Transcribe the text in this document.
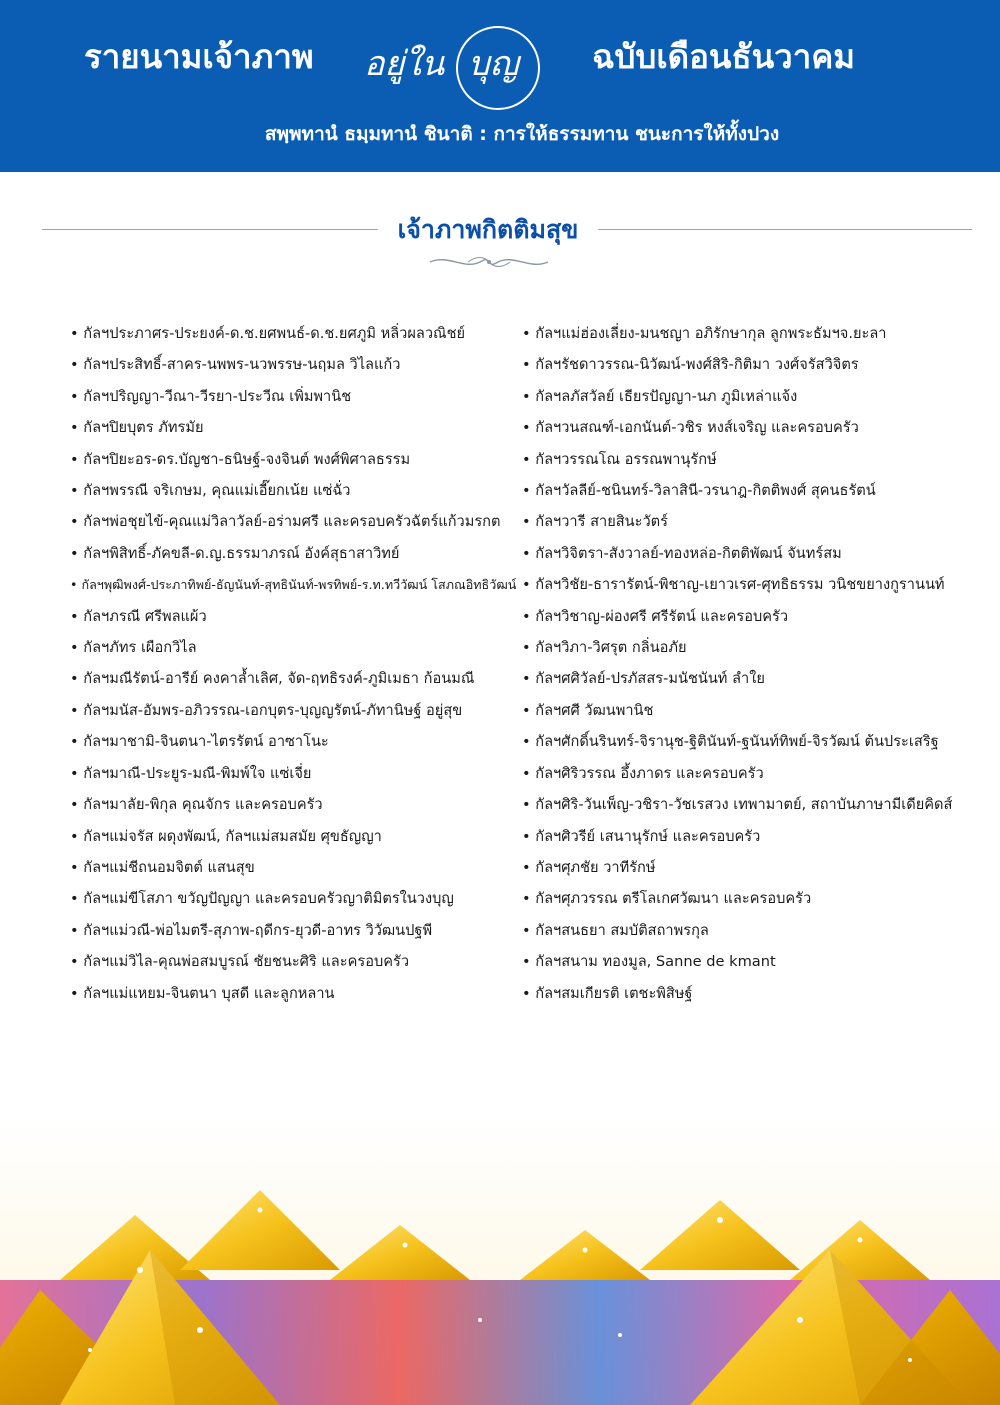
รายนามเจ้าภาพ อยู่ใน บุญ ฉบับเดือนธันวาคม
สพฺพทานํ ธมฺมทานํ ชินาติ : การให้ธรรมทาน ชนะการให้ทั้งปวง
เจ้าภาพกิตติมสุข
• กัลฯประภาศร-ประยงค์-ด.ช.ยศพนธ์-ด.ช.ยศภูมิ หลิ่วผลวณิชย์
• กัลฯประสิทธิ์-สาคร-นพพร-นวพรรษ-นฤมล วิไลแก้ว
• กัลฯปริญญา-วีณา-วีรยา-ประวีณ เพิ่มพานิช
• กัลฯปิยบุตร ภัทรมัย
• กัลฯปิยะอร-ดร.บัญชา-ธนิษฐ์-จงจินต์ พงศ์พิศาลธรรม
• กัลฯพรรณี จริเกษม, คุณแม่เอี๊ยกเน้ย แซ่ฉั่ว
• กัลฯพ่อชุยไข้-คุณแม่วิลาวัลย์-อร่ามศรี และครอบครัวฉัตร์แก้วมรกต
• กัลฯพิสิทธิ์-ภัคขลี-ด.ญ.ธรรมาภรณ์ อังค์สุธาสาวิทย์
• กัลฯพุฒิพงศ์-ประภาทิพย์-ธัญนันท์-สุทธินันท์-พรทิพย์-ร.ท.ทวีวัฒน์ โสภณอิทธิวัฒน์
• กัลฯภรณี ศรีพลแผ้ว
• กัลฯภัทร เผือกวิไล
• กัลฯมณีรัตน์-อารีย์ คงคาล้ำเลิศ, จัด-ฤทธิรงค์-ภูมิเมธา ก้อนมณี
• กัลฯมนัส-อัมพร-อภิวรรณ-เอกบุตร-บุญญรัตน์-ภัทานิษฐ์ อยู่สุข
• กัลฯมาชามิ-จินตนา-ไตรรัตน์ อาซาโนะ
• กัลฯมาณี-ประยูร-มณี-พิมพ์ใจ แซ่เจี่ย
• กัลฯมาลัย-พิกุล คุณจักร และครอบครัว
• กัลฯแม่จรัส ผดุงพัฒน์, กัลฯแม่สมสมัย ศุขธัญญา
• กัลฯแม่ชีถนอมจิตต์ แสนสุข
• กัลฯแม่ขีโสภา ขวัญปัญญา และครอบครัวญาติมิตรในวงบุญ
• กัลฯแม่วณี-พ่อไมตรี-สุภาพ-ฤดีกร-ยุวดี-อาทร วิวัฒนปฐพี
• กัลฯแม่วิไล-คุณพ่อสมบูรณ์ ชัยชนะศิริ และครอบครัว
• กัลฯแม่แหยม-จินตนา บุสดี และลูกหลาน
• กัลฯแม่ฮ่องเลี่ยง-มนชญา อภิรักษากุล ลูกพระธัมฯจ.ยะลา
• กัลฯรัชดาวรรณ-นิวัฒน์-พงศ์สิริ-กิติมา วงศ์จรัสวิจิตร
• กัลฯลภัสวัลย์ เธียรปัญญา-นภ ภูมิเหล่าแจ้ง
• กัลฯวนสณฑ์-เอกนันต์-วชิร หงส์เจริญ และครอบครัว
• กัลฯวรรณโณ อรรณพานุรักษ์
• กัลฯวัลลีย์-ชนินทร์-วิลาสินี-วรนาฎ-กิตติพงศ์ สุคนธรัตน์
• กัลฯวารี สายสินะวัตร์
• กัลฯวิจิตรา-สังวาลย์-ทองหล่อ-กิตติพัฒน์ จันทร์สม
• กัลฯวิชัย-ธารารัตน์-พิชาญ-เยาวเรศ-ศุทธิธรรม วนิชขยางกูรานนท์
• กัลฯวิชาญ-ผ่องศรี ศรีรัตน์ และครอบครัว
• กัลฯวิภา-วิศรุต กลิ่นอภัย
• กัลฯศศิวัลย์-ปรภัสสร-มนัชนันท์ ลำใย
• กัลฯศศี วัฒนพานิช
• กัลฯศักดิ์นรินทร์-จิรานุช-ฐิตินันท์-ฐนันท์ทิพย์-จิรวัฒน์ ต้นประเสริฐ
• กัลฯศิริวรรณ อึ้งภาดร และครอบครัว
• กัลฯศิริ-วันเพ็ญ-วชิรา-วัชเรสวง เทพามาตย์, สถาบันภาษามีเดียคิดส์
• กัลฯศิวรีย์ เสนานุรักษ์ และครอบครัว
• กัลฯศุภชัย วาทีรักษ์
• กัลฯศุภวรรณ ตรีโลเกศวัฒนา และครอบครัว
• กัลฯสนธยา สมบัติสถาพรกุล
• กัลฯสนาม ทองมูล, Sanne de kmant
• กัลฯสมเกียรติ เตชะพิสิษฐ์
